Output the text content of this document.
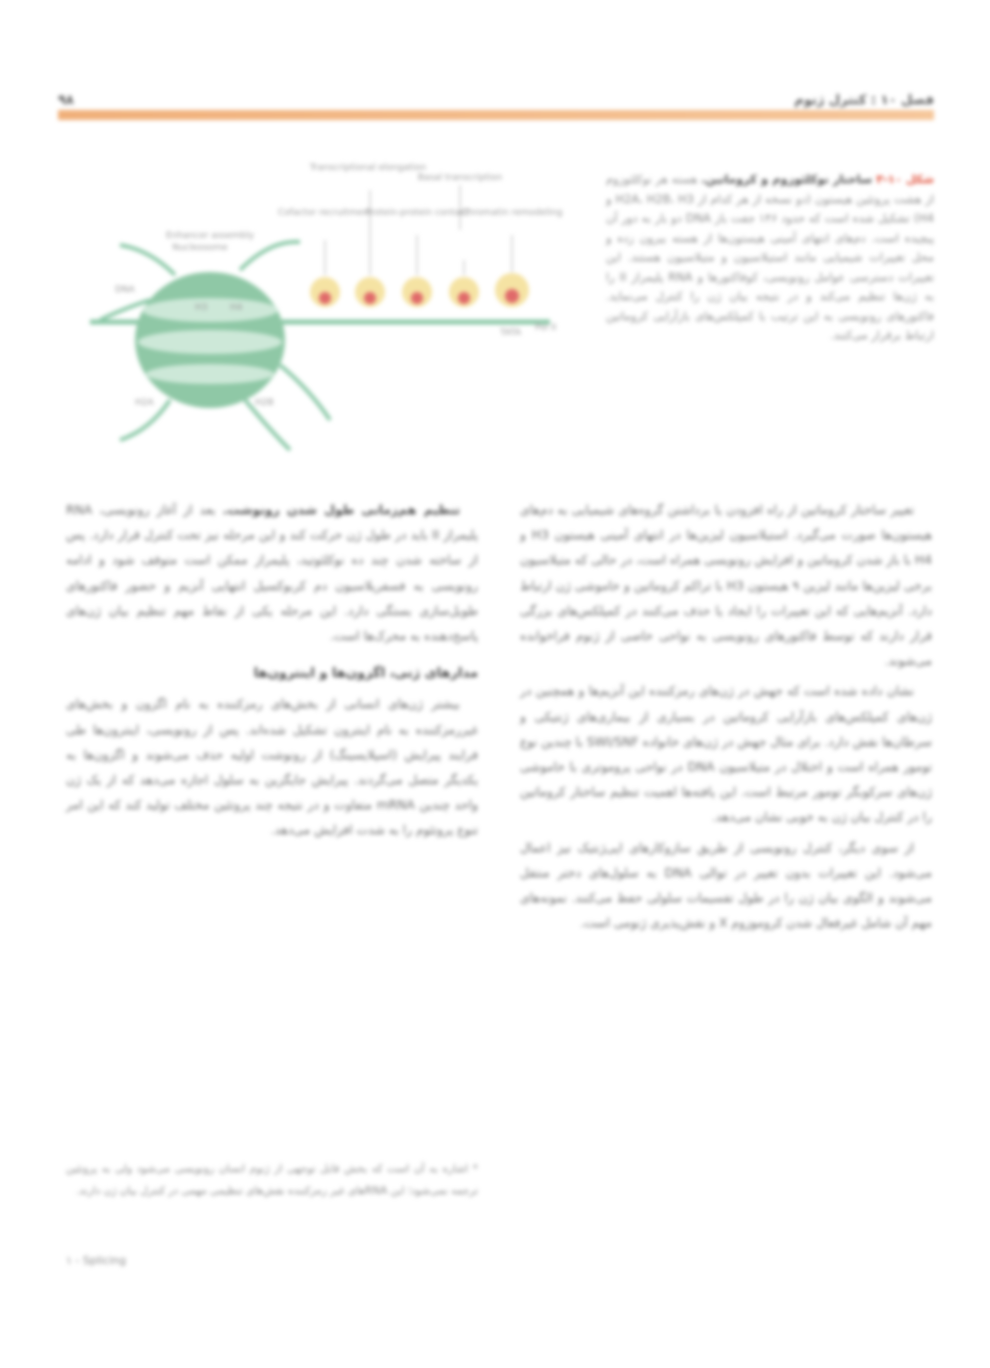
۹۸	فصل ۱۰ : کنترل ژنوم
Transcriptional elongation
Basal transcription
Cofactor recruitment
Protein-protein contact
Chromatin remodeling
Enhancer assembly
Nucleosome
DNA
H3	H4
H2A	H2B
TATA Pol II
شکل ۱۰-۳ ساختار نوکلئوزوم و کروماتین. هسته هر نوکلئوزوم از هشت پروتئین هیستون (دو نسخه از هر کدام از H2A، H2B، H3 و H4) تشکیل شده است که حدود ۱۴۶ جفت باز DNA دو بار به دور آن پیچیده است. دم‌های انتهای آمینی هیستون‌ها از هسته بیرون زده و محل تغییرات شیمیایی مانند استیلاسیون و متیلاسیون هستند. این تغییرات دسترسی عوامل رونویسی، کوفاکتورها و RNA پلیمراز II را به ژن‌ها تنظیم می‌کند و در نتیجه بیان ژن را کنترل می‌نماید. فاکتورهای رونویسی به این ترتیب با کمپلکس‌های بازآرایی کروماتین ارتباط برقرار می‌کنند.

تغییر ساختار کروماتین از راه افزودن یا برداشتن گروه‌های شیمیایی به دم‌های هیستون‌ها صورت می‌گیرد. استیلاسیون لیزین‌ها در انتهای آمینی هیستون H3 و H4 با باز شدن کروماتین و افزایش رونویسی همراه است، در حالی که متیلاسیون برخی لیزین‌ها مانند لیزین ۹ هیستون H3 با تراکم کروماتین و خاموشی ژن ارتباط دارد. آنزیم‌هایی که این تغییرات را ایجاد یا حذف می‌کنند در کمپلکس‌های بزرگی قرار دارند که توسط فاکتورهای رونویسی به نواحی خاصی از ژنوم فراخوانده می‌شوند.

نشان داده شده است که جهش در ژن‌های رمزکننده این آنزیم‌ها و همچنین در ژن‌های کمپلکس‌های بازآرایی کروماتین در بسیاری از بیماری‌های ژنتیکی و سرطان‌ها نقش دارد. برای مثال جهش در ژن‌های خانواده SWI/SNF با چندین نوع تومور همراه است و اختلال در متیلاسیون DNA در نواحی پروموتری با خاموشی ژن‌های سرکوبگر تومور مرتبط است. این یافته‌ها اهمیت تنظیم ساختار کروماتین را در کنترل بیان ژن به خوبی نشان می‌دهد.

از سوی دیگر، کنترل رونویسی از طریق سازوکارهای اپی‌ژنتیک نیز اعمال می‌شود. این تغییرات بدون تغییر در توالی DNA به سلول‌های دختر منتقل می‌شوند و الگوی بیان ژن را در طول تقسیمات سلولی حفظ می‌کنند. نمونه‌های مهم آن شامل غیرفعال شدن کروموزوم X و نقش‌پذیری ژنومی است.

تنظیم هم‌زمانی طول شدن رونوشت. بعد از آغاز رونویسی، RNA پلیمراز II باید در طول ژن حرکت کند و این مرحله نیز تحت کنترل قرار دارد. پس از ساخته شدن چند ده نوکلئوتید، پلیمراز ممکن است متوقف شود و ادامه رونویسی به فسفریلاسیون دم کربوکسیل انتهایی آنزیم و حضور فاکتورهای طویل‌سازی بستگی دارد. این مرحله یکی از نقاط مهم تنظیم بیان ژن‌های پاسخ‌دهنده به محرک‌ها است.

مدارهای ژنی، اگزون‌ها و اینترون‌ها

بیشتر ژن‌های انسانی از بخش‌های رمزکننده به نام اگزون و بخش‌های غیررمزکننده به نام اینترون تشکیل شده‌اند. پس از رونویسی، اینترون‌ها طی فرایند پیرایش (اسپلایسینگ) از رونوشت اولیه حذف می‌شوند و اگزون‌ها به یکدیگر متصل می‌گردند. پیرایش جایگزین به سلول اجازه می‌دهد که از یک ژن واحد چندین mRNA متفاوت و در نتیجه چند پروتئین مختلف تولید کند که این امر تنوع پروتئوم را به شدت افزایش می‌دهد.

* اشاره به آن است که بخش قابل توجهی از ژنوم انسان رونویسی می‌شود ولی به پروتئین ترجمه نمی‌شود؛ این RNAهای غیر رمزکننده نقش‌های تنظیمی مهمی در کنترل بیان ژن دارند.
۱ - Splicing
